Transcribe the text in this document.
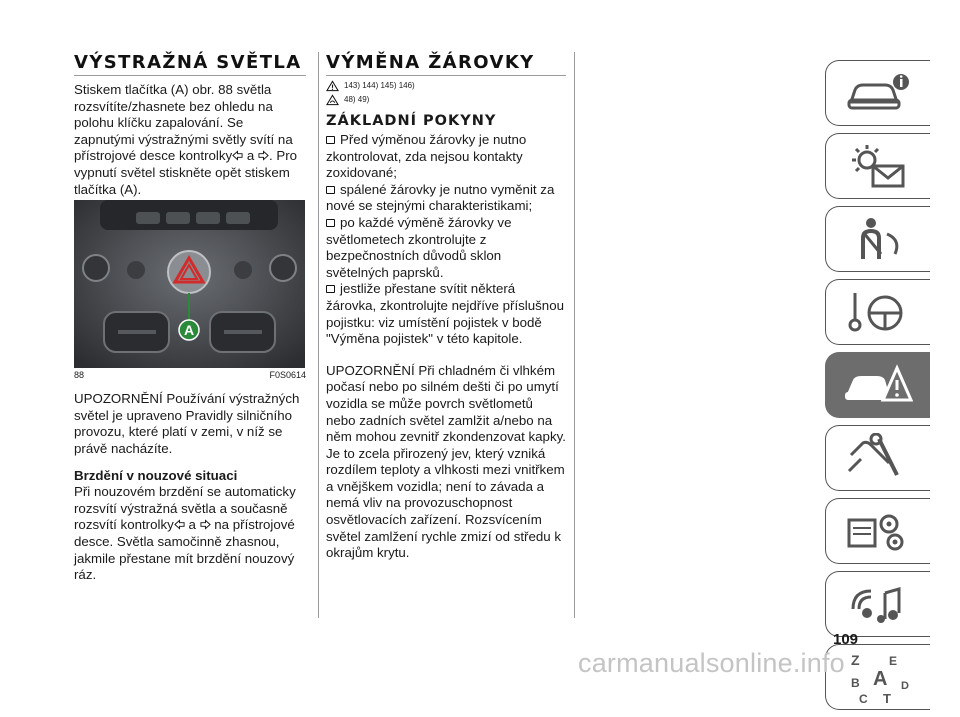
VÝSTRAŽNÁ SVĚTLA

Stiskem tlačítka (A) obr. 88 světla rozsvítíte/zhasnete bez ohledu na polohu klíčku zapalování. Se zapnutými výstražnými světly svítí na přístrojové desce kontrolky a . Pro vypnutí světel stiskněte opět stiskem tlačítka (A).

A
88	F0S0614

UPOZORNĚNÍ Používání výstražných světel je upraveno Pravidly silničního provozu, které platí v zemi, v níž se právě nacházíte.

Brzdění v nouzové situaci

Při nouzovém brzdění se automaticky rozsvítí výstražná světla a současně rozsvítí kontrolky a  na přístrojové desce. Světla samočinně zhasnou, jakmile přestane mít brzdění nouzový ráz.

VÝMĚNA ŽÁROVKY
143) 144) 145) 146)
48) 49)
ZÁKLADNÍ POKYNY

Před výměnou žárovky je nutno zkontrolovat, zda nejsou kontakty zoxidované;

spálené žárovky je nutno vyměnit za nové se stejnými charakteristikami;

po každé výměně žárovky ve světlometech zkontrolujte z bezpečnostních důvodů sklon světelných paprsků.

jestliže přestane svítit některá žárovka, zkontrolujte nejdříve příslušnou pojistku: viz umístění pojistek v bodě "Výměna pojistek" v této kapitole.

UPOZORNĚNÍ Při chladném či vlhkém počasí nebo po silném dešti či po umytí vozidla se může povrch světlometů nebo zadních světel zamlžit a/nebo na něm mohou zevnitř zkondenzovat kapky. Je to zcela přirozený jev, který vzniká rozdílem teploty a vlhkosti mezi vnitřkem a vnějškem vozidla; není to závada a nemá vliv na provozuschopnost osvětlovacích zařízení. Rozsvícením světel zamlžení rychle zmizí od středu k okrajům krytu.

Z E
B A D
C T
109
carmanualsonline.info
